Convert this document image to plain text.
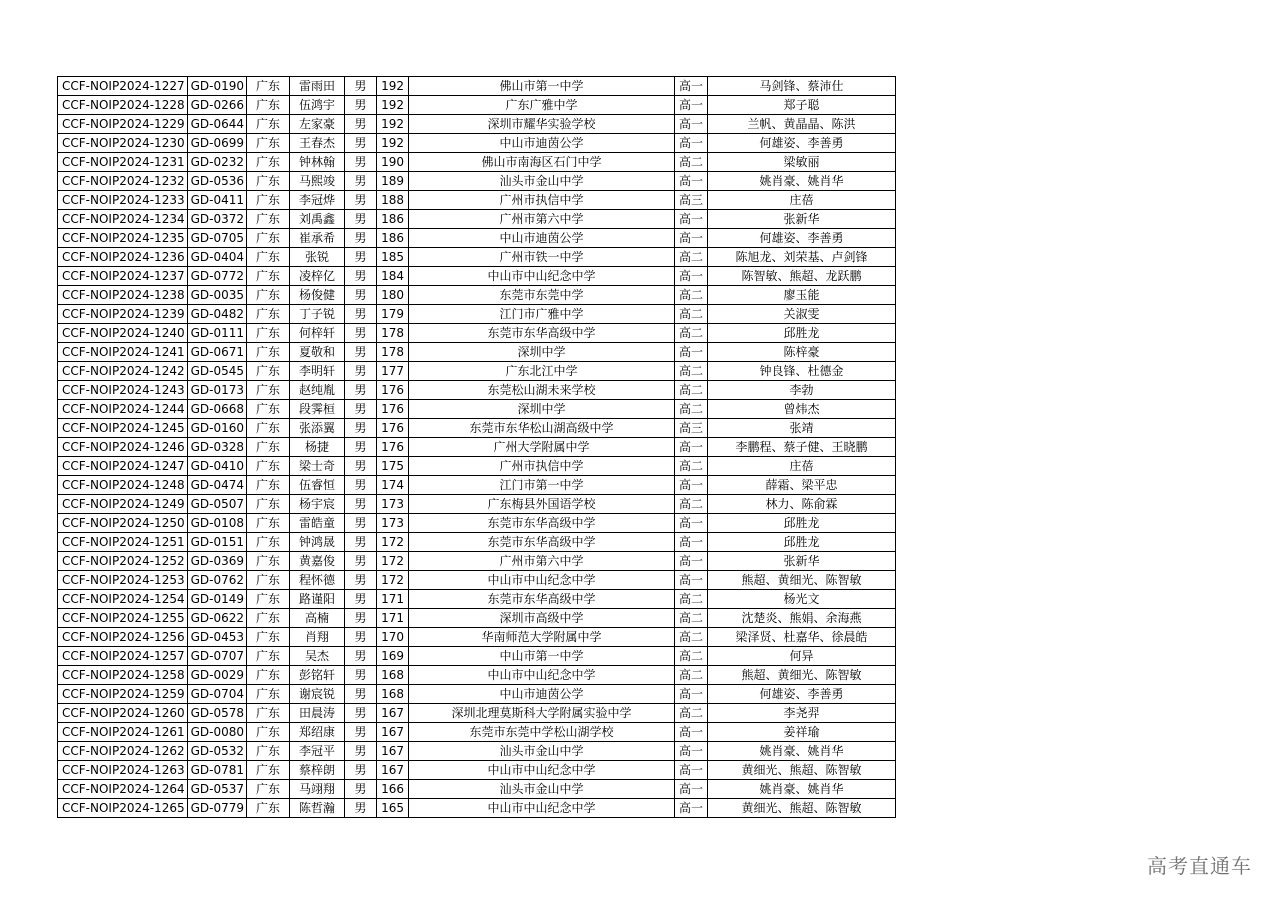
CCF-NOIP2024-1227	GD-0190	广东	雷雨田	男	192	佛山市第一中学	高一	马剑锋、蔡沛仕
CCF-NOIP2024-1228	GD-0266	广东	伍鸿宇	男	192	广东广雅中学	高一	郑子聪
CCF-NOIP2024-1229	GD-0644	广东	左家豪	男	192	深圳市耀华实验学校	高一	兰帆、黄晶晶、陈洪
CCF-NOIP2024-1230	GD-0699	广东	王春杰	男	192	中山市迪茵公学	高一	何雄姿、李善勇
CCF-NOIP2024-1231	GD-0232	广东	钟林翰	男	190	佛山市南海区石门中学	高二	梁敏丽
CCF-NOIP2024-1232	GD-0536	广东	马熙竣	男	189	汕头市金山中学	高一	姚肖豪、姚肖华
CCF-NOIP2024-1233	GD-0411	广东	李冠烨	男	188	广州市执信中学	高三	庄蓓
CCF-NOIP2024-1234	GD-0372	广东	刘禹鑫	男	186	广州市第六中学	高一	张新华
CCF-NOIP2024-1235	GD-0705	广东	崔承希	男	186	中山市迪茵公学	高一	何雄姿、李善勇
CCF-NOIP2024-1236	GD-0404	广东	张锐	男	185	广州市铁一中学	高二	陈旭龙、刘荣基、卢剑锋
CCF-NOIP2024-1237	GD-0772	广东	凌梓亿	男	184	中山市中山纪念中学	高一	陈智敏、熊超、龙跃鹏
CCF-NOIP2024-1238	GD-0035	广东	杨俊健	男	180	东莞市东莞中学	高二	廖玉能
CCF-NOIP2024-1239	GD-0482	广东	丁子锐	男	179	江门市广雅中学	高二	关淑雯
CCF-NOIP2024-1240	GD-0111	广东	何梓轩	男	178	东莞市东华高级中学	高二	邱胜龙
CCF-NOIP2024-1241	GD-0671	广东	夏敬和	男	178	深圳中学	高一	陈梓豪
CCF-NOIP2024-1242	GD-0545	广东	李明轩	男	177	广东北江中学	高二	钟良锋、杜德金
CCF-NOIP2024-1243	GD-0173	广东	赵纯胤	男	176	东莞松山湖未来学校	高二	李勃
CCF-NOIP2024-1244	GD-0668	广东	段霁桓	男	176	深圳中学	高二	曾炜杰
CCF-NOIP2024-1245	GD-0160	广东	张添翼	男	176	东莞市东华松山湖高级中学	高三	张靖
CCF-NOIP2024-1246	GD-0328	广东	杨捷	男	176	广州大学附属中学	高一	李鹏程、蔡子健、王晓鹏
CCF-NOIP2024-1247	GD-0410	广东	梁士奇	男	175	广州市执信中学	高二	庄蓓
CCF-NOIP2024-1248	GD-0474	广东	伍睿恒	男	174	江门市第一中学	高一	薛霜、梁平忠
CCF-NOIP2024-1249	GD-0507	广东	杨宇宸	男	173	广东梅县外国语学校	高二	林力、陈俞霖
CCF-NOIP2024-1250	GD-0108	广东	雷皓童	男	173	东莞市东华高级中学	高一	邱胜龙
CCF-NOIP2024-1251	GD-0151	广东	钟鸿晟	男	172	东莞市东华高级中学	高一	邱胜龙
CCF-NOIP2024-1252	GD-0369	广东	黄嘉俊	男	172	广州市第六中学	高一	张新华
CCF-NOIP2024-1253	GD-0762	广东	程怀德	男	172	中山市中山纪念中学	高一	熊超、黄细光、陈智敏
CCF-NOIP2024-1254	GD-0149	广东	路谨阳	男	171	东莞市东华高级中学	高二	杨光文
CCF-NOIP2024-1255	GD-0622	广东	高楠	男	171	深圳市高级中学	高二	沈楚炎、熊娟、余海燕
CCF-NOIP2024-1256	GD-0453	广东	肖翔	男	170	华南师范大学附属中学	高二	梁泽贤、杜嘉华、徐晨皓
CCF-NOIP2024-1257	GD-0707	广东	吴杰	男	169	中山市第一中学	高二	何异
CCF-NOIP2024-1258	GD-0029	广东	彭铭轩	男	168	中山市中山纪念中学	高二	熊超、黄细光、陈智敏
CCF-NOIP2024-1259	GD-0704	广东	谢宸锐	男	168	中山市迪茵公学	高一	何雄姿、李善勇
CCF-NOIP2024-1260	GD-0578	广东	田晨涛	男	167	深圳北理莫斯科大学附属实验中学	高二	李尧羿
CCF-NOIP2024-1261	GD-0080	广东	郑绍康	男	167	东莞市东莞中学松山湖学校	高一	姜祥瑜
CCF-NOIP2024-1262	GD-0532	广东	李冠平	男	167	汕头市金山中学	高一	姚肖豪、姚肖华
CCF-NOIP2024-1263	GD-0781	广东	蔡梓朗	男	167	中山市中山纪念中学	高一	黄细光、熊超、陈智敏
CCF-NOIP2024-1264	GD-0537	广东	马翊翔	男	166	汕头市金山中学	高一	姚肖豪、姚肖华
CCF-NOIP2024-1265	GD-0779	广东	陈哲瀚	男	165	中山市中山纪念中学	高一	黄细光、熊超、陈智敏
高考直通车
